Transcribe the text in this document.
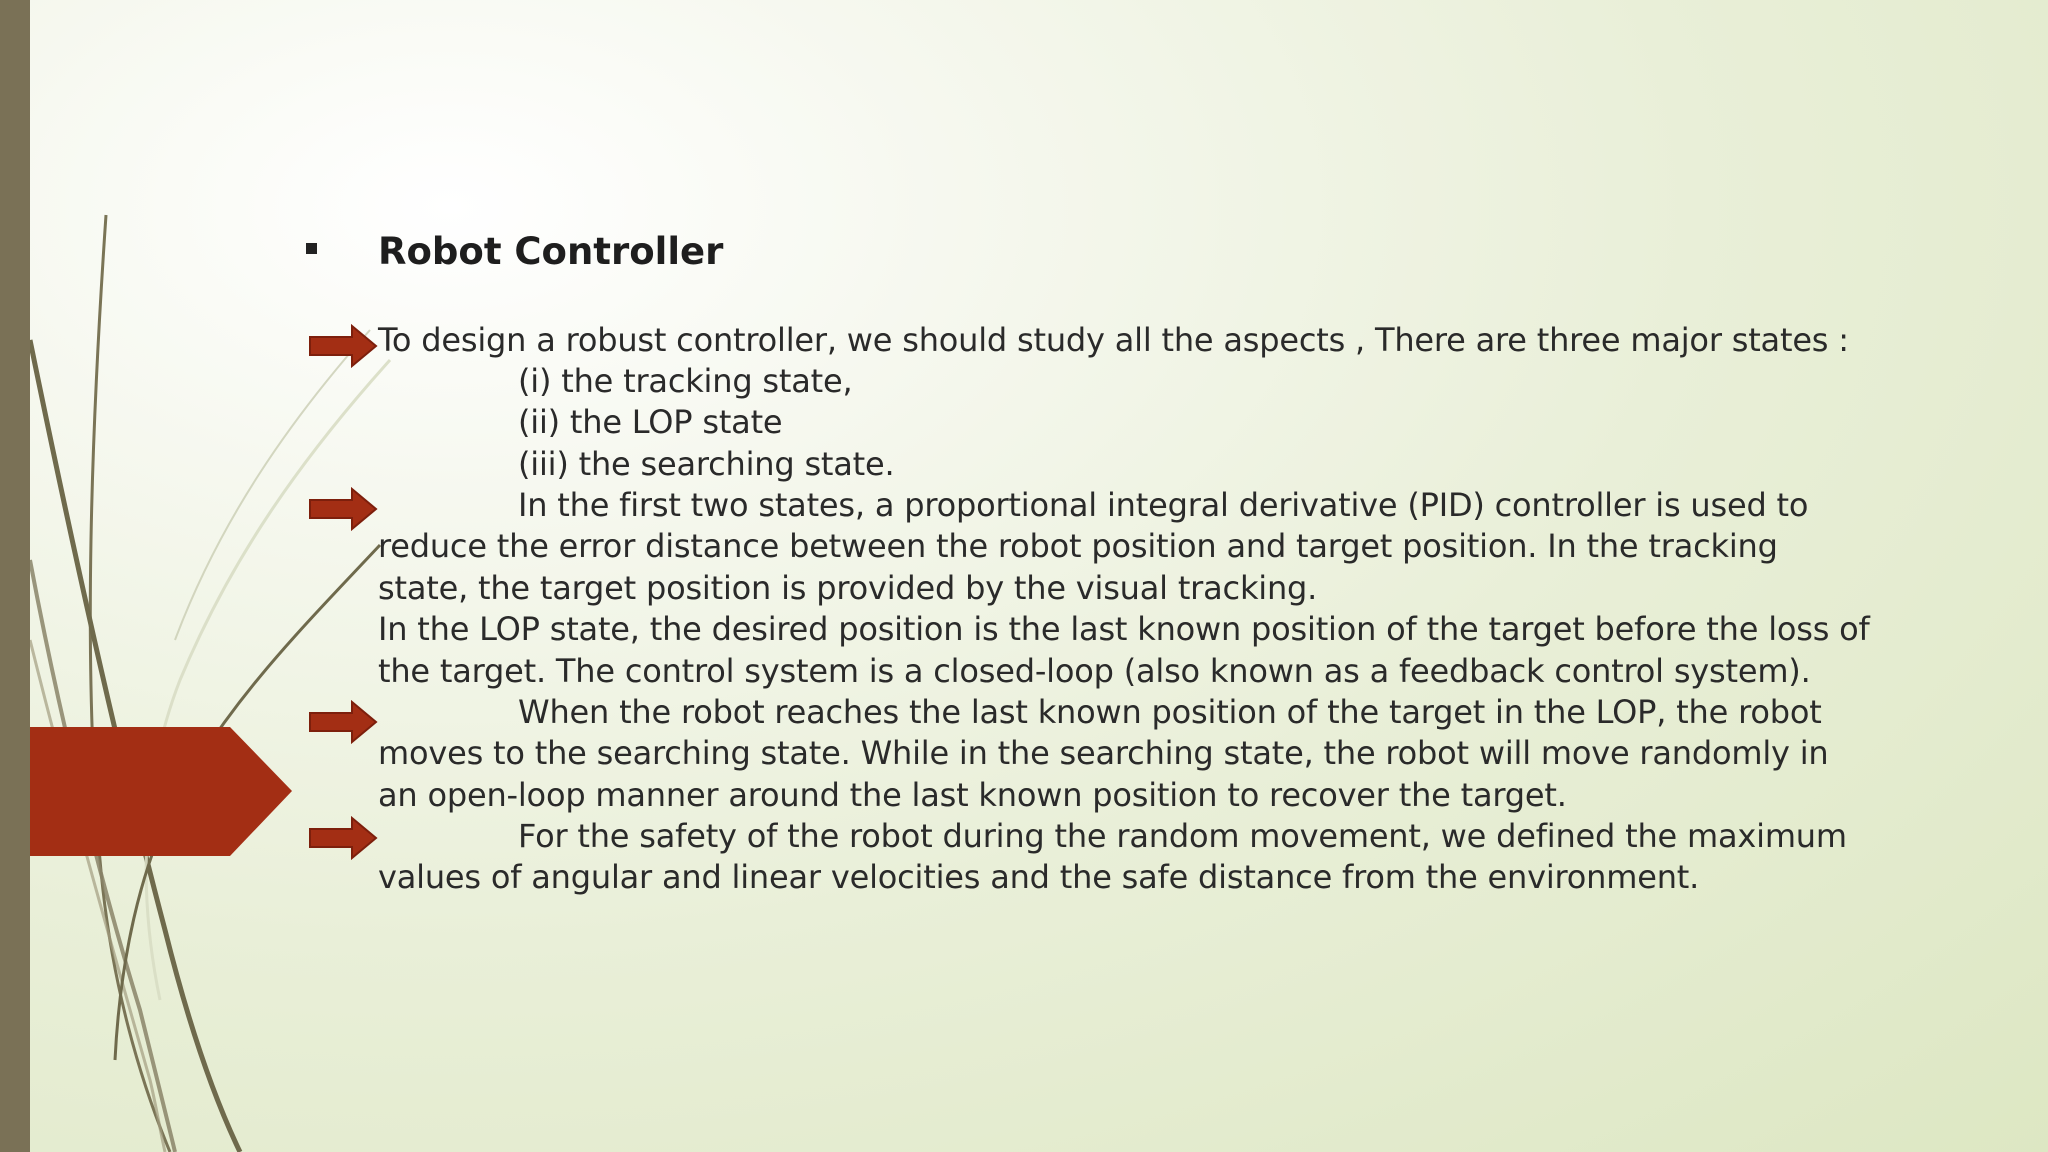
Robot Controller
To design a robust controller, we should study all the aspects , There are three major states :
(i) the tracking state,
(ii) the LOP state
(iii) the searching state.
In the first two states, a proportional integral derivative (PID) controller is used to
reduce the error distance between the robot position and target position. In the tracking
state, the target position is provided by the visual tracking.
In the LOP state, the desired position is the last known position of the target before the loss of
the target. The control system is a closed-loop (also known as a feedback control system).
When the robot reaches the last known position of the target in the LOP, the robot
moves to the searching state. While in the searching state, the robot will move randomly in
an open-loop manner around the last known position to recover the target.
For the safety of the robot during the random movement, we defined the maximum
values of angular and linear velocities and the safe distance from the environment.
